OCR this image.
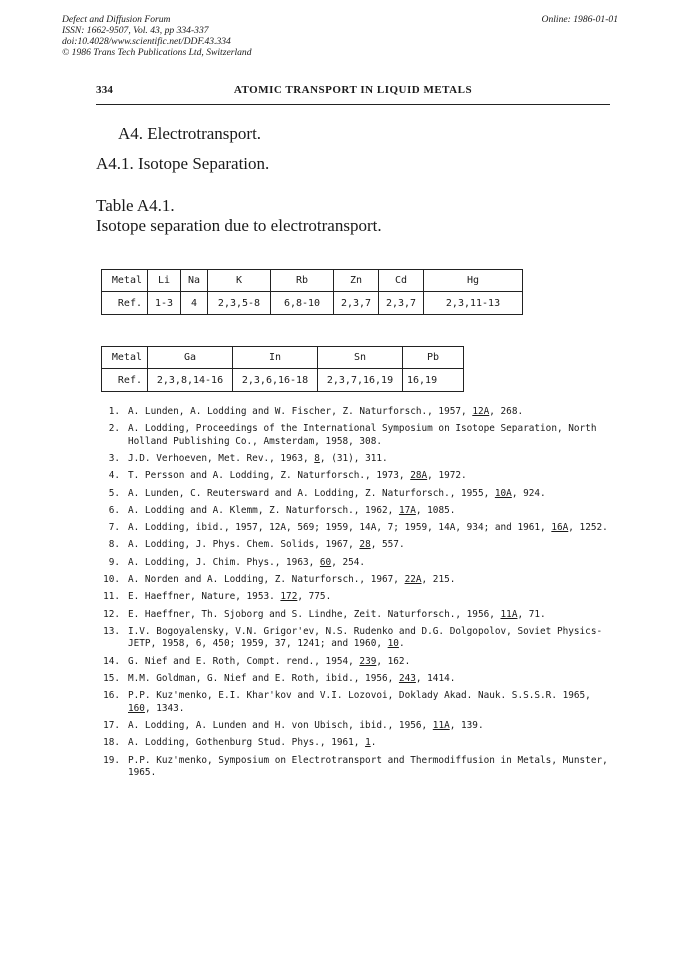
Defect and Diffusion Forum
ISSN: 1662-9507, Vol. 43, pp 334-337
doi:10.4028/www.scientific.net/DDF.43.334
© 1986 Trans Tech Publications Ltd, Switzerland
Online: 1986-01-01
334	ATOMIC TRANSPORT IN LIQUID METALS
A4. Electrotransport.
A4.1. Isotope Separation.
Table A4.1.
Isotope separation due to electrotransport.
Metal	Li	Na	K	Rb	Zn	Cd	Hg
Ref.	1-3	4	2,3,5-8	6,8-10	2,3,7	2,3,7	2,3,11-13
Metal	Ga	In	Sn	Pb
Ref.	2,3,8,14-16	2,3,6,16-18	2,3,7,16,19	16,19
1. A. Lunden, A. Lodding and W. Fischer, Z. Naturforsch., 1957, 12A, 268.
2. A. Lodding, Proceedings of the International Symposium on Isotope Separation, North Holland Publishing Co., Amsterdam, 1958, 308.
3. J.D. Verhoeven, Met. Rev., 1963, 8, (31), 311.
4. T. Persson and A. Lodding, Z. Naturforsch., 1973, 28A, 1972.
5. A. Lunden, C. Reutersward and A. Lodding, Z. Naturforsch., 1955, 10A, 924.
6. A. Lodding and A. Klemm, Z. Naturforsch., 1962, 17A, 1085.
7. A. Lodding, ibid., 1957, 12A, 569; 1959, 14A, 7; 1959, 14A, 934; and 1961, 16A, 1252.
8. A. Lodding, J. Phys. Chem. Solids, 1967, 28, 557.
9. A. Lodding, J. Chim. Phys., 1963, 60, 254.
10. A. Norden and A. Lodding, Z. Naturforsch., 1967, 22A, 215.
11. E. Haeffner, Nature, 1953. 172, 775.
12. E. Haeffner, Th. Sjoborg and S. Lindhe, Zeit. Naturforsch., 1956, 11A, 71.
13. I.V. Bogoyalensky, V.N. Grigor'ev, N.S. Rudenko and D.G. Dolgopolov, Soviet Physics-JETP, 1958, 6, 450; 1959, 37, 1241; and 1960, 10.
14. G. Nief and E. Roth, Compt. rend., 1954, 239, 162.
15. M.M. Goldman, G. Nief and E. Roth, ibid., 1956, 243, 1414.
16. P.P. Kuz'menko, E.I. Khar'kov and V.I. Lozovoi, Doklady Akad. Nauk. S.S.S.R. 1965, 160, 1343.
17. A. Lodding, A. Lunden and H. von Ubisch, ibid., 1956, 11A, 139.
18. A. Lodding, Gothenburg Stud. Phys., 1961, 1.
19. P.P. Kuz'menko, Symposium on Electrotransport and Thermodiffusion in Metals, Munster, 1965.
